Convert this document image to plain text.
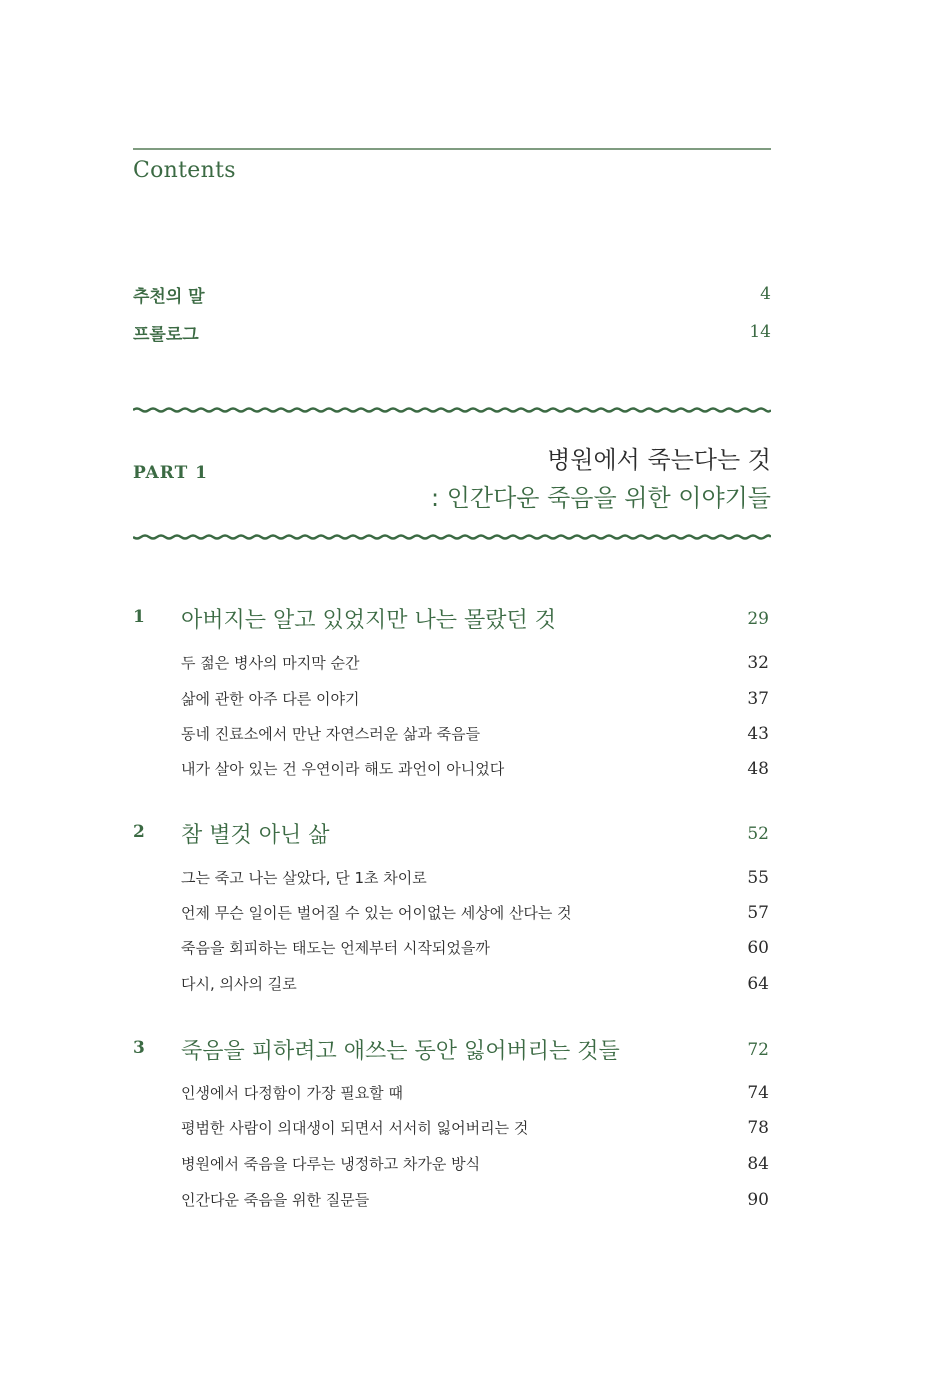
Contents
추천의 말	4
프롤로그	14
PART 1	병원에서 죽는다는 것
: 인간다운 죽음을 위한 이야기들
1 아버지는 알고 있었지만 나는 몰랐던 것	29
두 젊은 병사의 마지막 순간	32
삶에 관한 아주 다른 이야기	37
동네 진료소에서 만난 자연스러운 삶과 죽음들	43
내가 살아 있는 건 우연이라 해도 과언이 아니었다	48
2 참 별것 아닌 삶	52
그는 죽고 나는 살았다, 단 1초 차이로	55
언제 무슨 일이든 벌어질 수 있는 어이없는 세상에 산다는 것	57
죽음을 회피하는 태도는 언제부터 시작되었을까	60
다시, 의사의 길로	64
3 죽음을 피하려고 애쓰는 동안 잃어버리는 것들	72
인생에서 다정함이 가장 필요할 때	74
평범한 사람이 의대생이 되면서 서서히 잃어버리는 것	78
병원에서 죽음을 다루는 냉정하고 차가운 방식	84
인간다운 죽음을 위한 질문들	90
